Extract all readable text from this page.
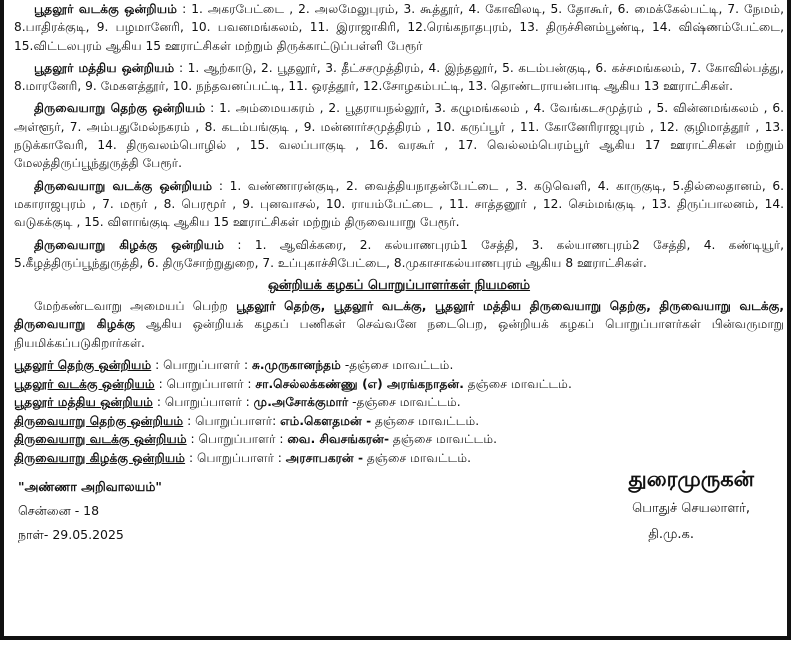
பூதலூர் வடக்கு ஒன்றியம் : 1. அகரபேட்டை , 2. அலமேலுபுரம், 3. கூத்தூர், 4. கோவிலடி, 5. தோகூர், 6. மைக்கேல்பட்டி, 7. நேமம், 8.பாதிரக்குடி, 9. பழமானேரி, 10. பவனமங்கலம், 11. இராஜாகிரி, 12.ரெங்கநாதபுரம், 13. திருச்சினம்பூண்டி, 14. விஷ்ணம்பேட்டை, 15.விட்டலபுரம் ஆகிய 15 ஊராட்சிகள் மற்றும் திருக்காட்டுப்பள்ளி பேரூர்

பூதலூர் மத்திய ஒன்றியம் : 1. ஆற்காடு, 2. பூதலூர், 3. தீட்சசமுத்திரம், 4. இந்தலூர், 5. கடம்பன்குடி, 6. கச்சமங்கலம், 7. கோவில்பத்து, 8.மாரனேரி, 9. மேகளத்தூர், 10. நந்தவனப்பட்டி, 11. ஒரத்தூர், 12.சோழகம்பட்டி, 13. தொண்டராயன்பாடி ஆகிய 13 ஊராட்சிகள்.

திருவையாறு தெற்கு ஒன்றியம் : 1. அம்மையகரம் , 2. பூதராயநல்லூர், 3. கழுமங்கலம் , 4. வேங்கடசமுத்ரம் , 5. வின்னமங்கலம் , 6. அள்ளூர், 7. அம்பதுமேல்நகரம் , 8. கடம்பங்குடி , 9. மன்னார்சமுத்திரம் , 10. கருப்பூர் , 11. கோனேரிராஜபுரம் , 12. குழிமாத்தூர் , 13. நடுக்காவேரி, 14. திருவலம்பொழில் , 15. வலப்பாகுடி , 16. வரகூர் , 17. வெல்லம்பெரம்பூர் ஆகிய 17 ஊராட்சிகள் மற்றும் மேலத்திருப்பூந்துருத்தி பேரூர்.

திருவையாறு வடக்கு ஒன்றியம் : 1. வண்ணாரன்குடி, 2. வைத்தியநாதன்பேட்டை , 3. கடுவெளி, 4. காருகுடி, 5.தில்லைதானம், 6. மகாராஜபுரம் , 7. மரூர் , 8. பெரமூர் , 9. புனவாசல், 10. ராயம்பேட்டை , 11. சாத்தனூர் , 12. செம்மங்குடி , 13. திருப்பாலனம், 14. வடுகக்குடி , 15. விளாங்குடி ஆகிய 15 ஊராட்சிகள் மற்றும் திருவையாறு பேரூர்.

திருவையாறு கிழக்கு ஒன்றியம் : 1. ஆவிக்கரை, 2. கல்யாணபுரம்1 சேத்தி, 3. கல்யாணபுரம்2 சேத்தி, 4. கண்டியூர், 5.கீழத்திருப்பூந்துருத்தி, 6. திருசோற்றுதுறை, 7. உப்புகாச்சிபேட்டை, 8.முகாசாகல்யாணபுரம் ஆகிய 8 ஊராட்சிகள்.

ஒன்றியக் கழகப் பொறுப்பாளர்கள் நியமனம்

மேற்கண்டவாறு அமையப் பெற்ற பூதலூர் தெற்கு, பூதலூர் வடக்கு, பூதலூர் மத்திய திருவையாறு தெற்கு, திருவையாறு வடக்கு, திருவையாறு கிழக்கு ஆகிய ஒன்றியக் கழகப் பணிகள் செவ்வனே நடைபெற, ஒன்றியக் கழகப் பொறுப்பாளர்கள் பின்வருமாறு நியமிக்கப்படுகிறார்கள்.

பூதலூர் தெற்கு ஒன்றியம் : பொறுப்பாளர் : சு.முருகானந்தம் -தஞ்சை மாவட்டம்.
பூதலூர் வடக்கு ஒன்றியம் : பொறுப்பாளர் : சா.செல்லக்கண்ணு (எ) அரங்கநாதன். தஞ்சை மாவட்டம்.
பூதலூர் மத்திய ஒன்றியம் : பொறுப்பாளர் : மு.அசோக்குமார் -தஞ்சை மாவட்டம்.
திருவையாறு தெற்கு ஒன்றியம் : பொறுப்பாளர்: எம்.கௌதமன் - தஞ்சை மாவட்டம்.
திருவையாறு வடக்கு ஒன்றியம் : பொறுப்பாளர் : வை. சிவசங்கரன்- தஞ்சை மாவட்டம்.
திருவையாறு கிழக்கு ஒன்றியம் : பொறுப்பாளர் : அரசாபகரன் - தஞ்சை மாவட்டம்.
"அண்ணா அறிவாலயம்"
சென்னை - 18
நாள்- 29.05.2025
துரைமுருகன்
பொதுச் செயலாளர்,
தி.மு.க.
